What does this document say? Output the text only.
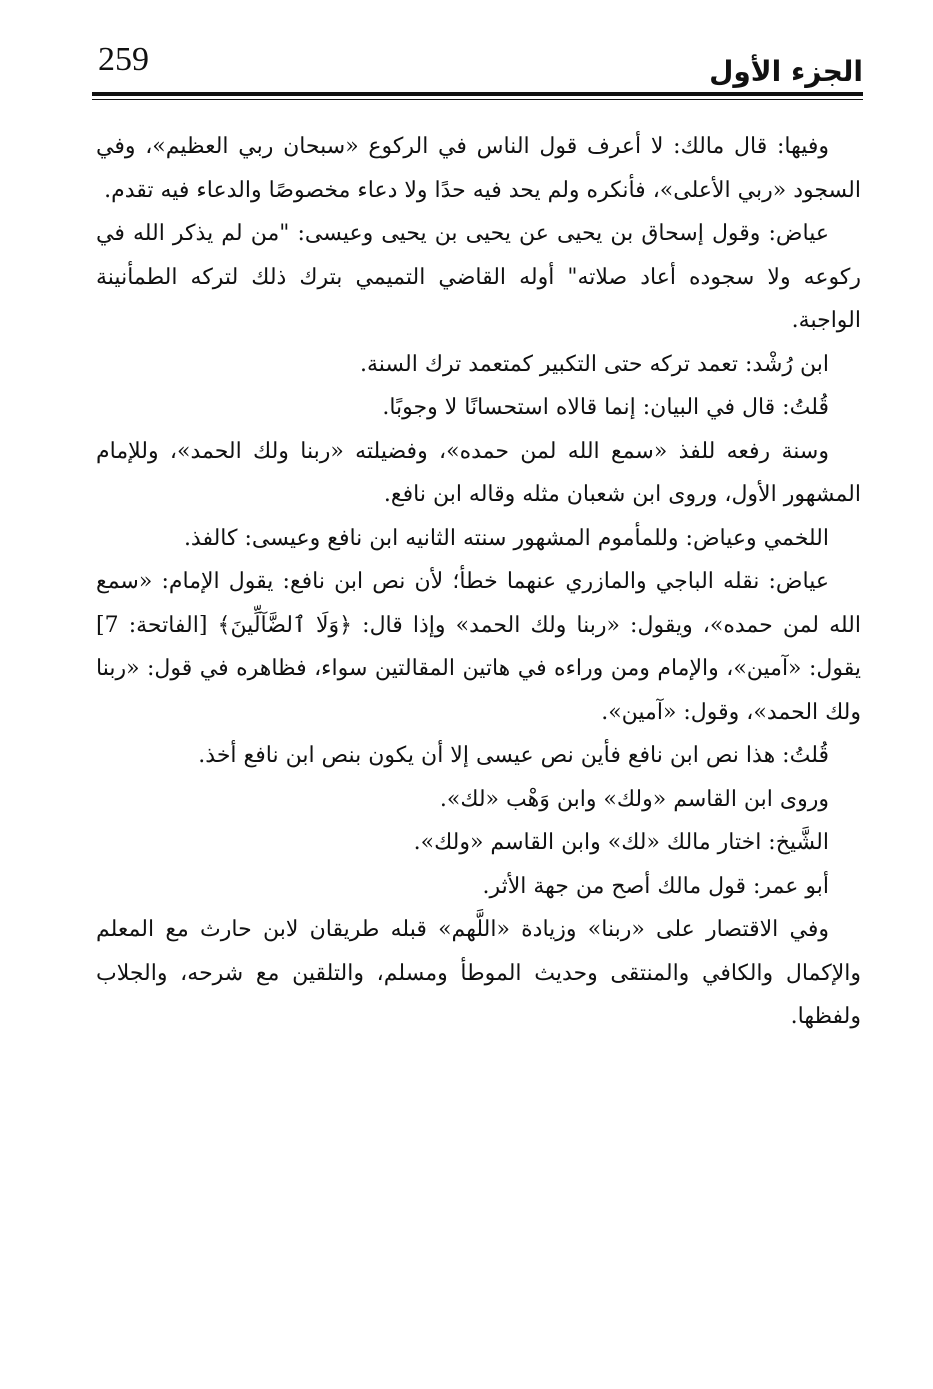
259	الجزء الأول

وفيها: قال مالك: لا أعرف قول الناس في الركوع «سبحان ربي العظيم»، وفي السجود «ربي الأعلى»، فأنكره ولم يحد فيه حدًا ولا دعاء مخصوصًا والدعاء فيه تقدم.

عياض: وقول إسحاق بن يحيى عن يحيى بن يحيى وعيسى: "من لم يذكر الله في ركوعه ولا سجوده أعاد صلاته" أوله القاضي التميمي بترك ذلك لتركه الطمأنينة الواجبة.

ابن رُشْد: تعمد تركه حتى التكبير كمتعمد ترك السنة.

قُلتُ: قال في البيان: إنما قالاه استحسانًا لا وجوبًا.

وسنة رفعه للفذ «سمع الله لمن حمده»، وفضيلته «ربنا ولك الحمد»، وللإمام المشهور الأول، وروى ابن شعبان مثله وقاله ابن نافع.

اللخمي وعياض: وللمأموم المشهور سنته الثانيه ابن نافع وعيسى: كالفذ.

عياض: نقله الباجي والمازري عنهما خطأ؛ لأن نص ابن نافع: يقول الإمام: «سمع الله لمن حمده»، ويقول: «ربنا ولك الحمد» وإذا قال: ﴿وَلَا ٱلضَّآلِّينَ﴾ [الفاتحة: 7] يقول: «آمين»، والإمام ومن وراءه في هاتين المقالتين سواء، فظاهره في قول: «ربنا ولك الحمد»، وقول: «آمين».

قُلتُ: هذا نص ابن نافع فأين نص عيسى إلا أن يكون بنص ابن نافع أخذ.

وروى ابن القاسم «ولك» وابن وَهْب «لك».

الشَّيخ: اختار مالك «لك» وابن القاسم «ولك».

أبو عمر: قول مالك أصح من جهة الأثر.

وفي الاقتصار على «ربنا» وزيادة «اللَّهم» قبله طريقان لابن حارث مع المعلم والإكمال والكافي والمنتقى وحديث الموطأ ومسلم، والتلقين مع شرحه، والجلاب ولفظها.
